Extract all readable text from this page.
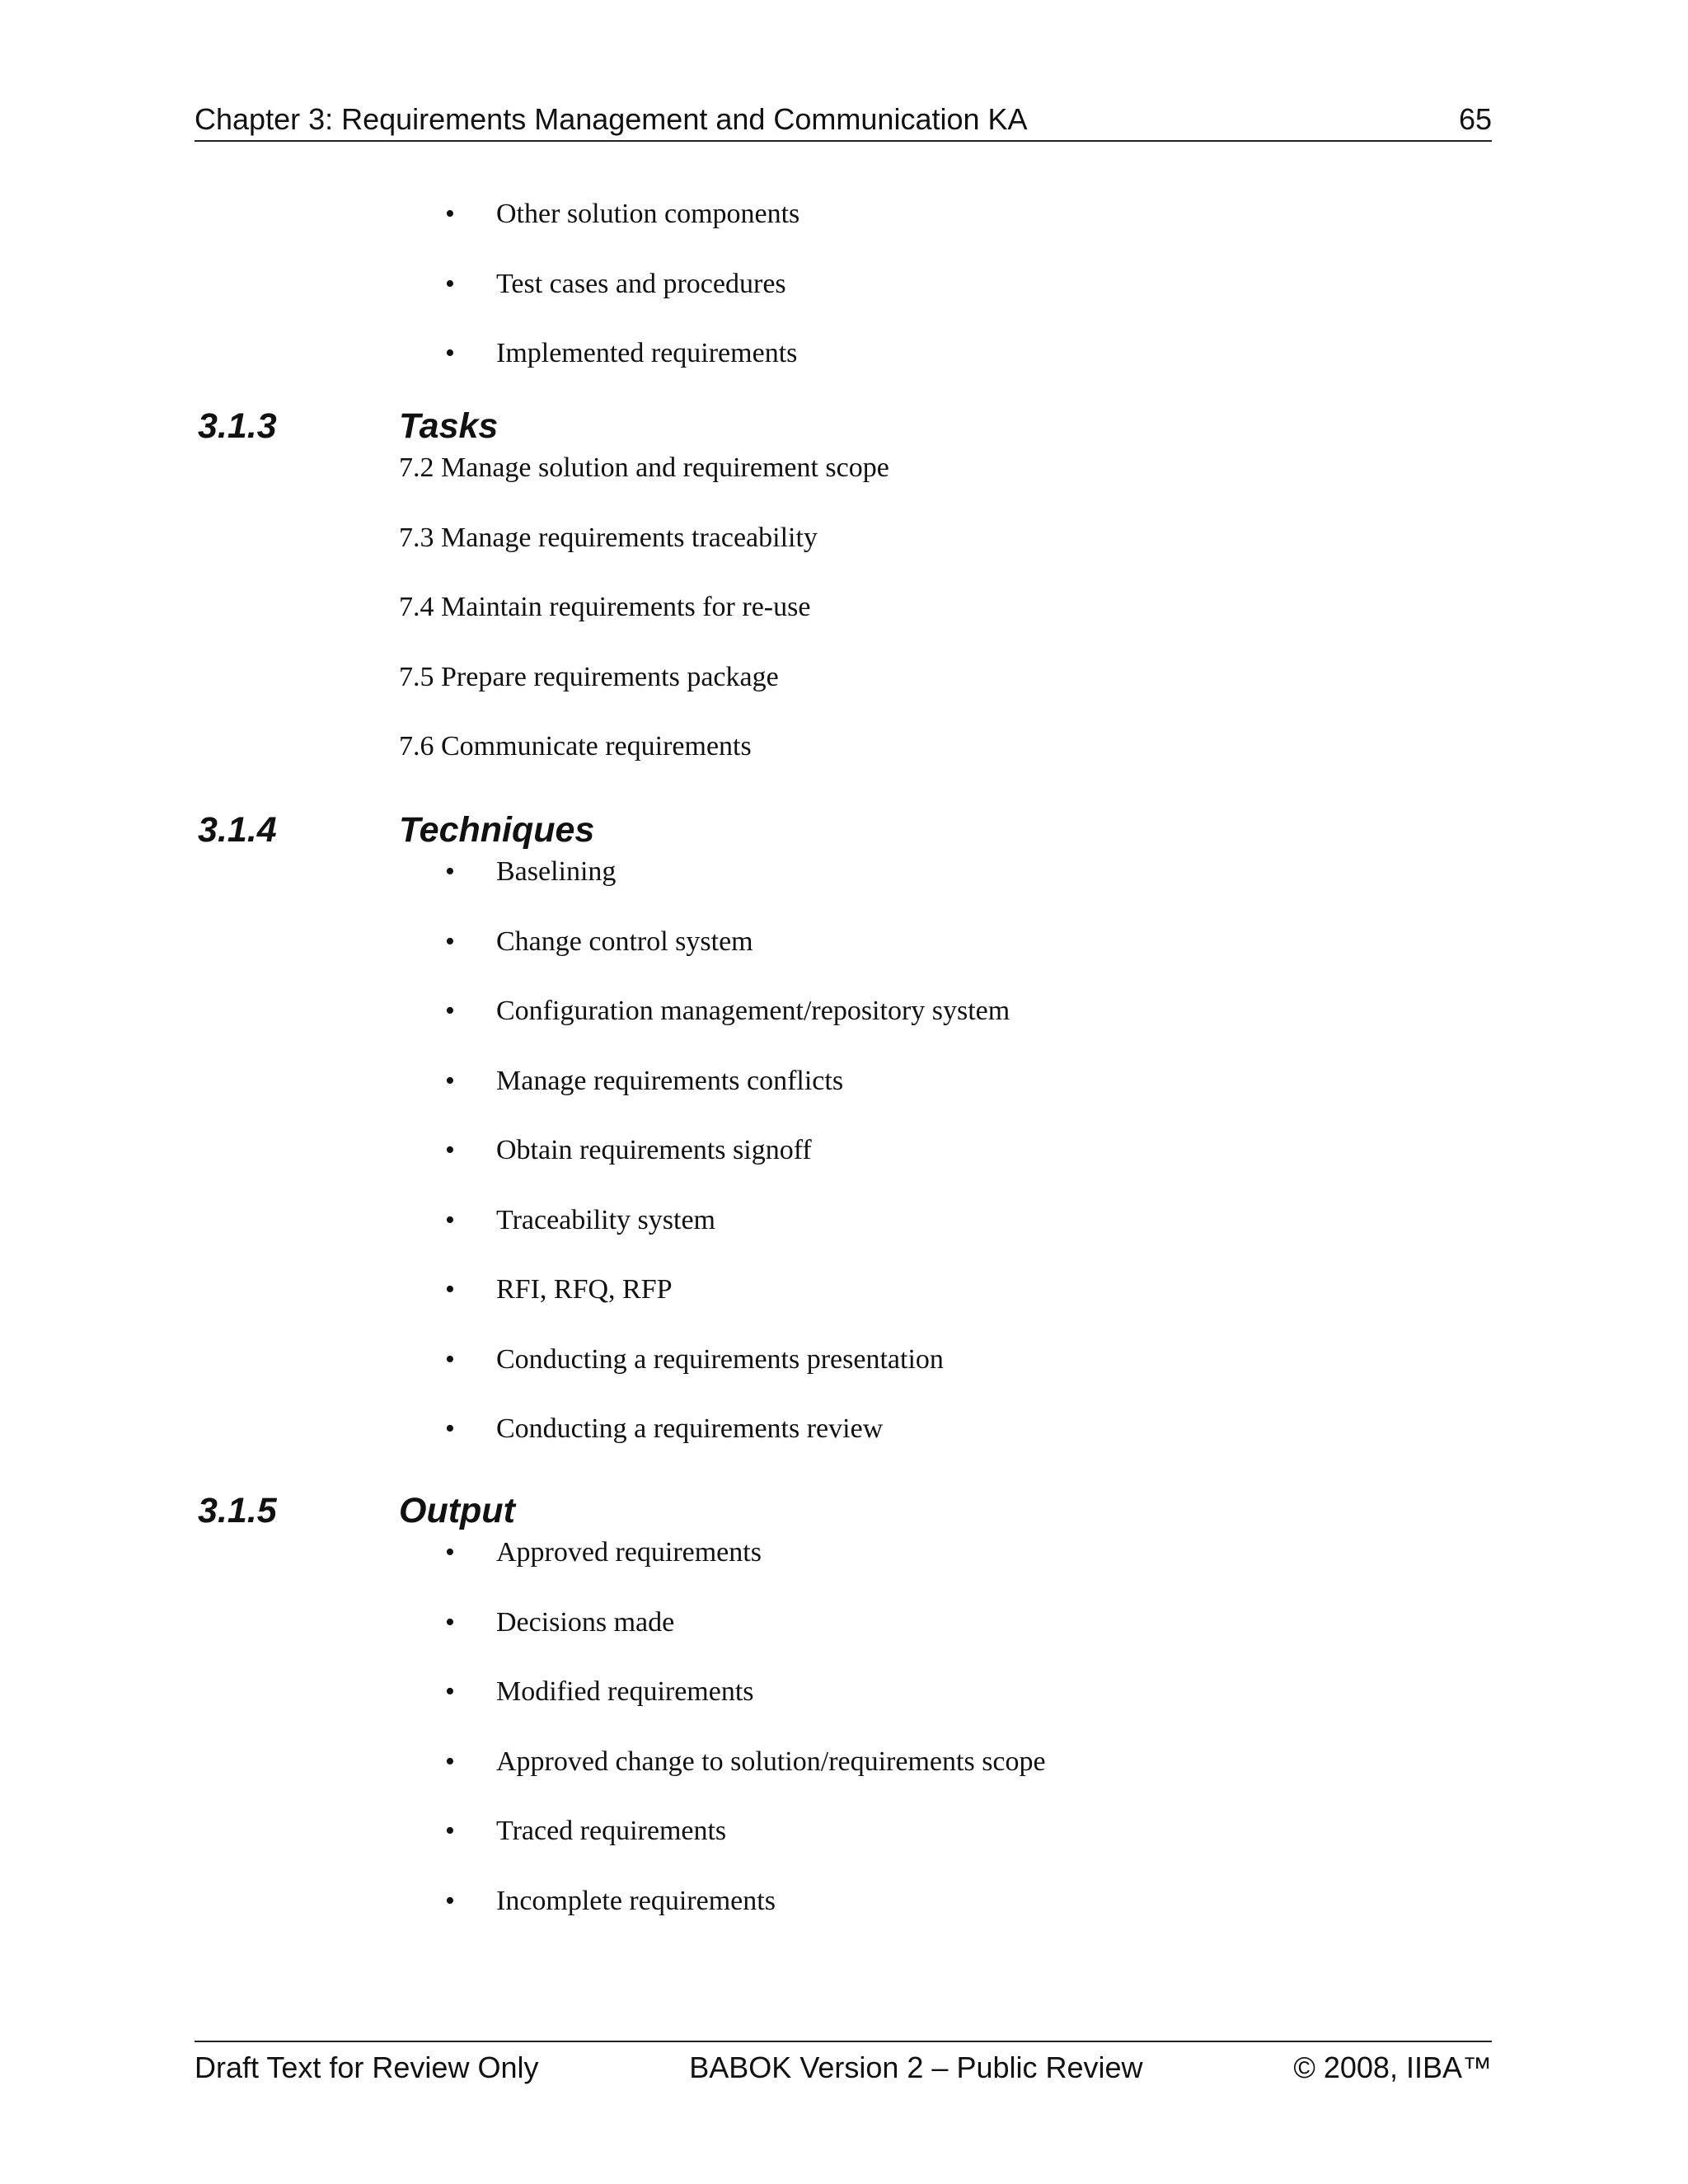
Chapter 3: Requirements Management and Communication KA	65
• Other solution components
• Test cases and procedures
• Implemented requirements
3.1.3	Tasks
7.2 Manage solution and requirement scope
7.3 Manage requirements traceability
7.4 Maintain requirements for re-use
7.5 Prepare requirements package
7.6 Communicate requirements
3.1.4	Techniques
• Baselining
• Change control system
• Configuration management/repository system
• Manage requirements conflicts
• Obtain requirements signoff
• Traceability system
• RFI, RFQ, RFP
• Conducting a requirements presentation
• Conducting a requirements review
3.1.5	Output
• Approved requirements
• Decisions made
• Modified requirements
• Approved change to solution/requirements scope
• Traced requirements
• Incomplete requirements
Draft Text for Review Only	BABOK Version 2 – Public Review	© 2008, IIBA™
